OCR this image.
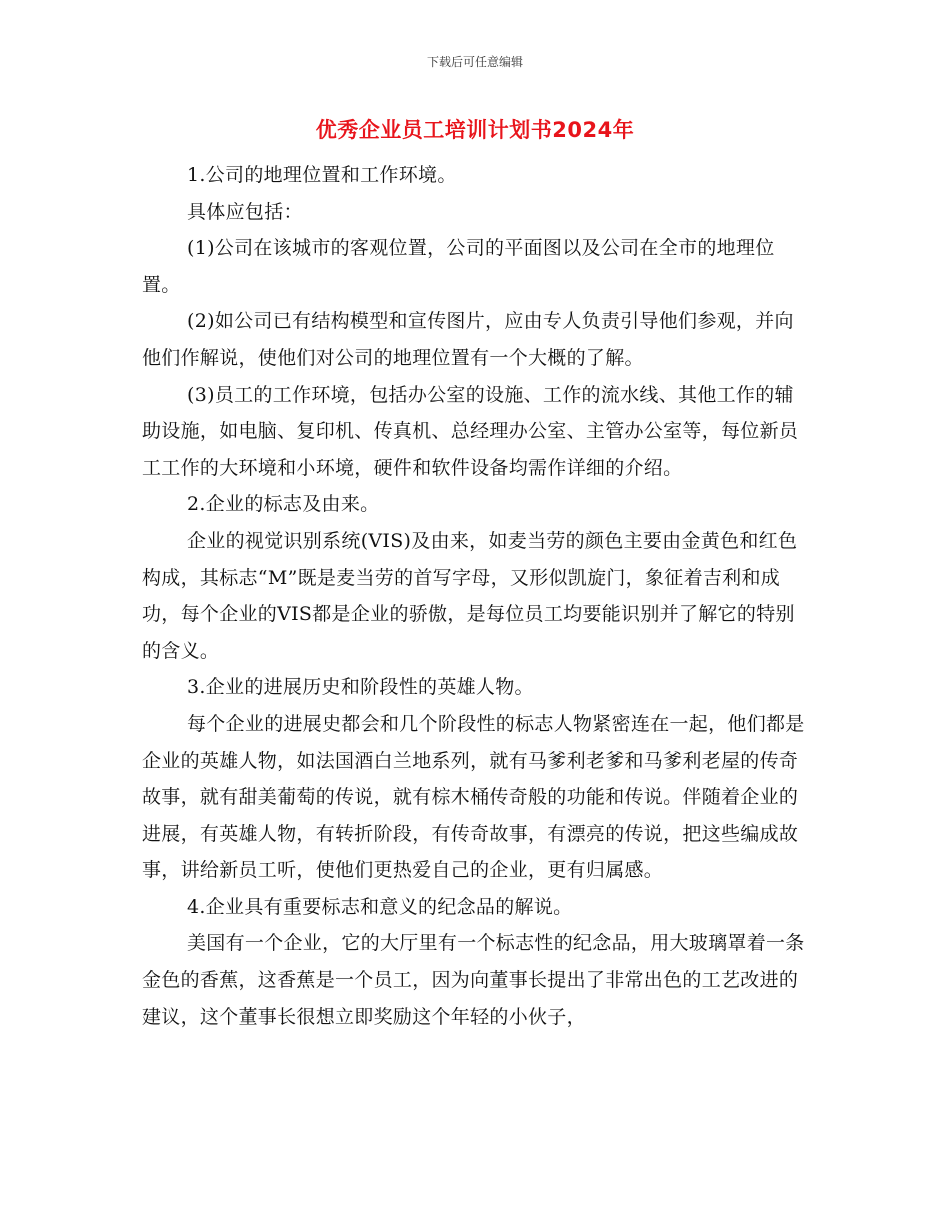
下载后可任意编辑
优秀企业员工培训计划书2024年

1.公司的地理位置和工作环境。

具体应包括：

(1)公司在该城市的客观位置，公司的平面图以及公司在全市的地理位置。

(2)如公司已有结构模型和宣传图片，应由专人负责引导他们参观，并向他们作解说，使他们对公司的地理位置有一个大概的了解。

(3)员工的工作环境，包括办公室的设施、工作的流水线、其他工作的辅助设施，如电脑、复印机、传真机、总经理办公室、主管办公室等，每位新员工工作的大环境和小环境，硬件和软件设备均需作详细的介绍。

2.企业的标志及由来。

企业的视觉识别系统(VIS)及由来，如麦当劳的颜色主要由金黄色和红色构成，其标志“M”既是麦当劳的首写字母，又形似凯旋门，象征着吉利和成功，每个企业的VIS都是企业的骄傲，是每位员工均要能识别并了解它的特别的含义。

3.企业的进展历史和阶段性的英雄人物。

每个企业的进展史都会和几个阶段性的标志人物紧密连在一起，他们都是企业的英雄人物，如法国酒白兰地系列，就有马爹利老爹和马爹利老屋的传奇故事，就有甜美葡萄的传说，就有棕木桶传奇般的功能和传说。伴随着企业的进展，有英雄人物，有转折阶段，有传奇故事，有漂亮的传说，把这些编成故事，讲给新员工听，使他们更热爱自己的企业，更有归属感。

4.企业具有重要标志和意义的纪念品的解说。

美国有一个企业，它的大厅里有一个标志性的纪念品，用大玻璃罩着一条金色的香蕉，这香蕉是一个员工，因为向董事长提出了非常出色的工艺改进的建议，这个董事长很想立即奖励这个年轻的小伙子，
